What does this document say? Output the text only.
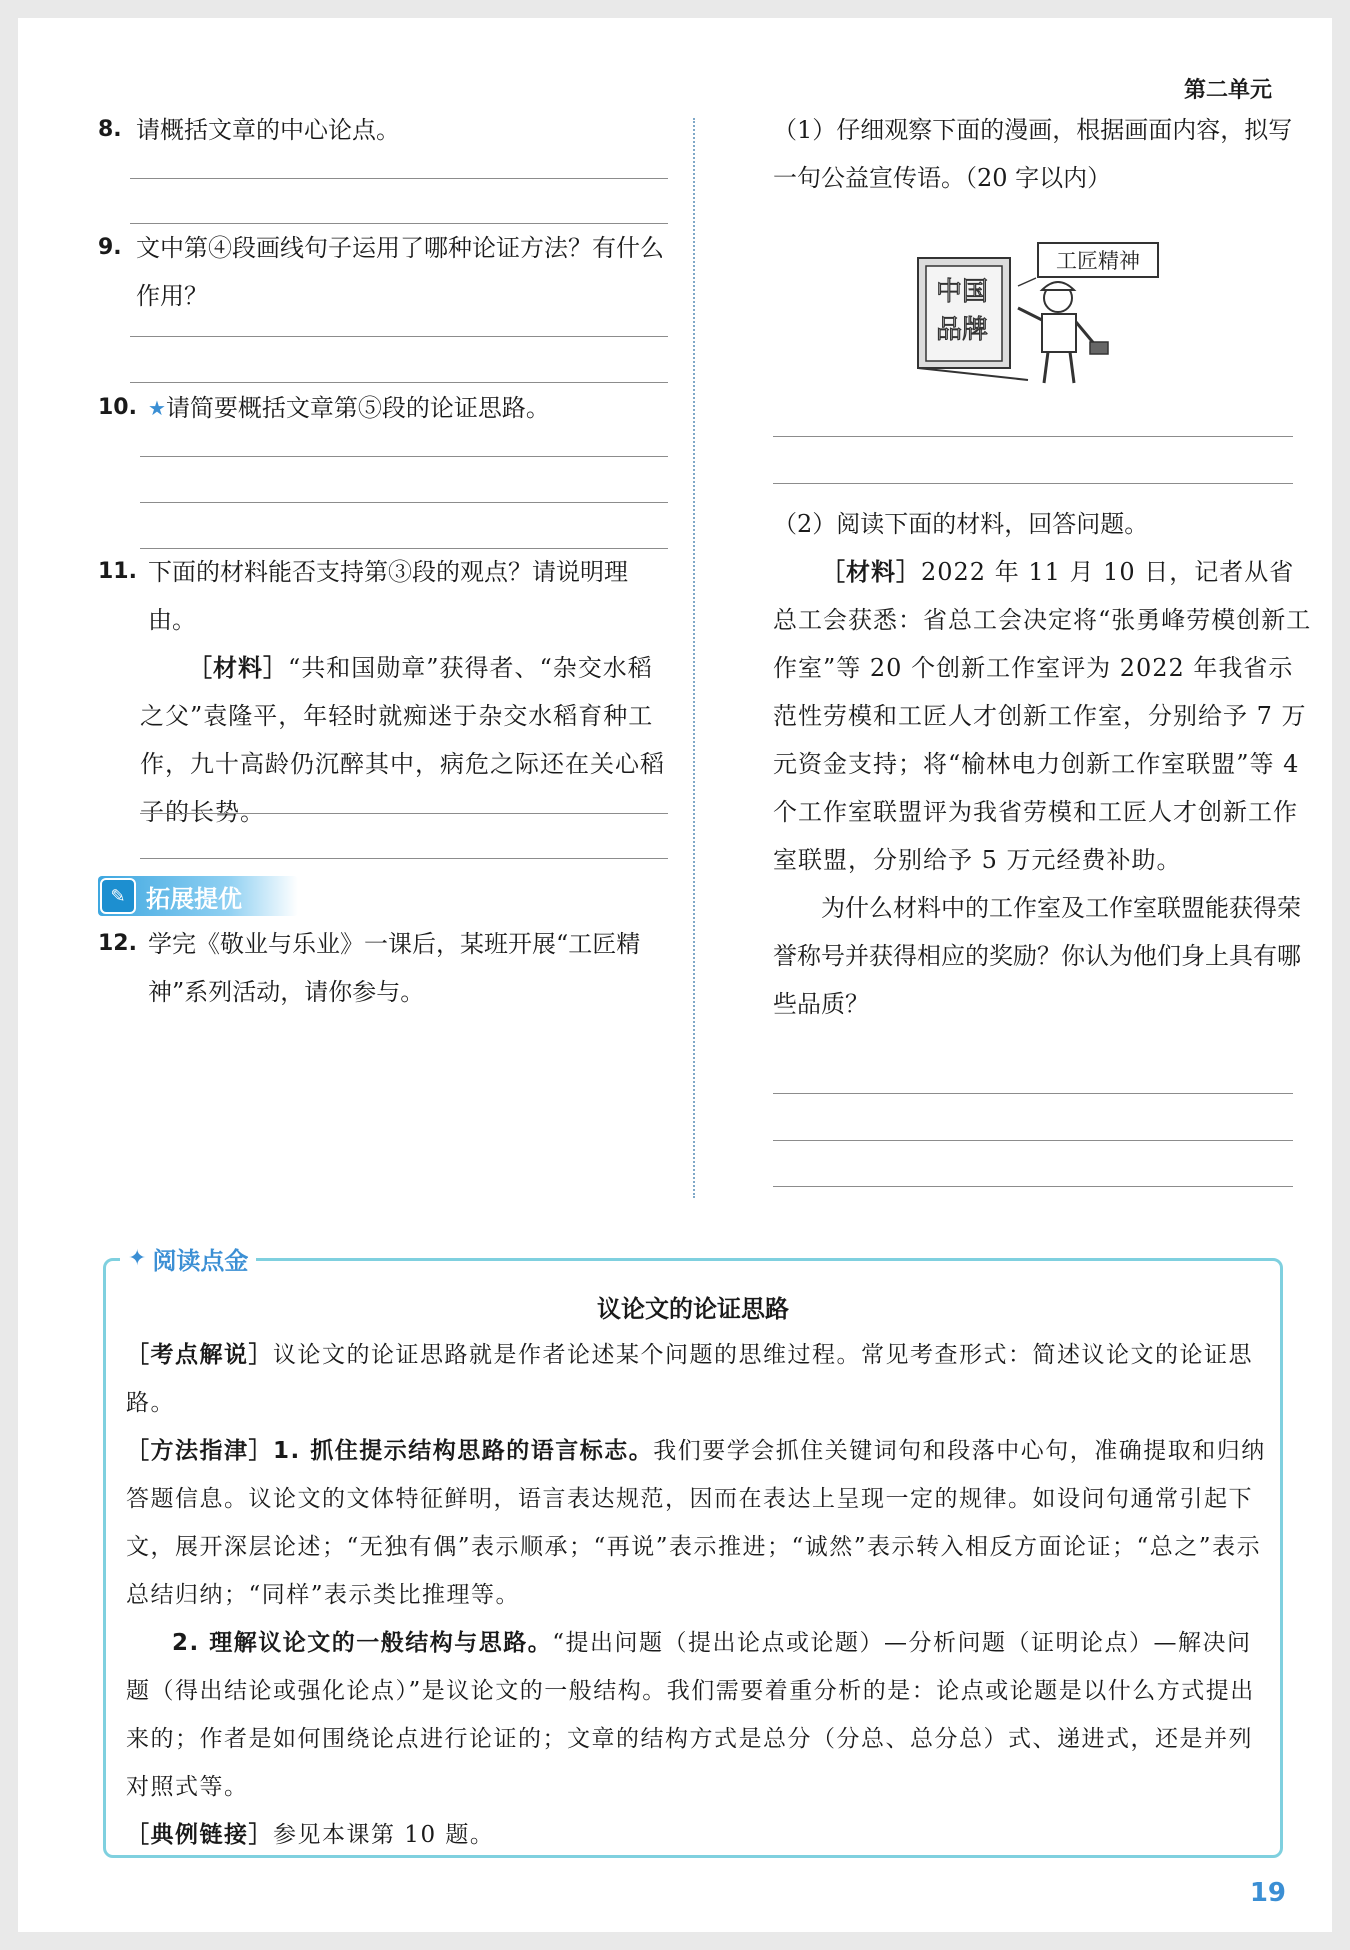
第二单元
8. 请概括文章的中心论点。
9. 文中第④段画线句子运用了哪种论证方法？有什么作用？
10. ★请简要概括文章第⑤段的论证思路。
11. 下面的材料能否支持第③段的观点？请说明理由。
［材料］“共和国勋章”获得者、“杂交水稻之父”袁隆平，年轻时就痴迷于杂交水稻育种工作，九十高龄仍沉醉其中，病危之际还在关心稻子的长势。
✎ 拓展提优
12. 学完《敬业与乐业》一课后，某班开展“工匠精神”系列活动，请你参与。
（1）仔细观察下面的漫画，根据画面内容，拟写一句公益宣传语。（20 字以内）
中国品牌
工匠精神
（2）阅读下面的材料，回答问题。
［材料］2022 年 11 月 10 日，记者从省总工会获悉：省总工会决定将“张勇峰劳模创新工作室”等 20 个创新工作室评为 2022 年我省示范性劳模和工匠人才创新工作室，分别给予 7 万元资金支持；将“榆林电力创新工作室联盟”等 4 个工作室联盟评为我省劳模和工匠人才创新工作室联盟，分别给予 5 万元经费补助。
为什么材料中的工作室及工作室联盟能获得荣誉称号并获得相应的奖励？你认为他们身上具有哪些品质？
✦ 阅读点金
议论文的论证思路

［考点解说］议论文的论证思路就是作者论述某个问题的思维过程。常见考查形式：简述议论文的论证思路。

［方法指津］1. 抓住提示结构思路的语言标志。我们要学会抓住关键词句和段落中心句，准确提取和归纳答题信息。议论文的文体特征鲜明，语言表达规范，因而在表达上呈现一定的规律。如设问句通常引起下文，展开深层论述；“无独有偶”表示顺承；“再说”表示推进；“诚然”表示转入相反方面论证；“总之”表示总结归纳；“同样”表示类比推理等。

2. 理解议论文的一般结构与思路。“提出问题（提出论点或论题）—分析问题（证明论点）—解决问题（得出结论或强化论点）”是议论文的一般结构。我们需要着重分析的是：论点或论题是以什么方式提出来的；作者是如何围绕论点进行论证的；文章的结构方式是总分（分总、总分总）式、递进式，还是并列对照式等。

［典例链接］参见本课第 10 题。

19
